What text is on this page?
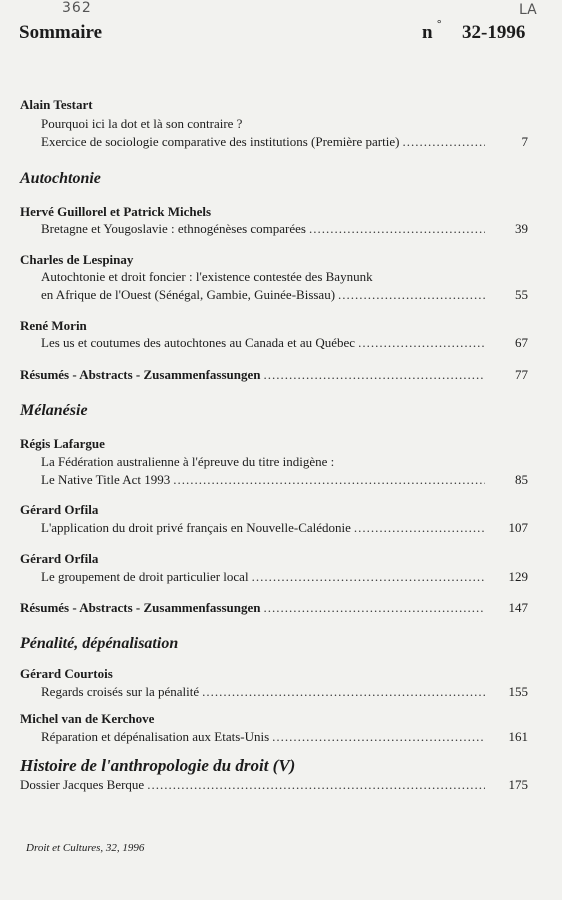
362	LA
Sommaire	n ° 32-1996
Alain Testart
Pourquoi ici la dot et là son contraire ?
Exercice de sociologie comparative des institutions (Première partie) .....	7
Autochtonie
Hervé Guillorel et Patrick Michels
Bretagne et Yougoslavie : ethnogénèses comparées .....	39
Charles de Lespinay
Autochtonie et droit foncier : l'existence contestée des Baynunk
en Afrique de l'Ouest (Sénégal, Gambie, Guinée-Bissau) .....	55
René Morin
Les us et coutumes des autochtones au Canada et au Québec .....	67
Résumés - Abstracts - Zusammenfassungen .....	77
Mélanésie
Régis Lafargue
La Fédération australienne à l'épreuve du titre indigène :
Le Native Title Act 1993 .....	85
Gérard Orfila
L'application du droit privé français en Nouvelle-Calédonie .....	107
Gérard Orfila
Le groupement de droit particulier local .....	129
Résumés - Abstracts - Zusammenfassungen .....	147
Pénalité, dépénalisation
Gérard Courtois
Regards croisés sur la pénalité .....	155
Michel van de Kerchove
Réparation et dépénalisation aux Etats-Unis .....	161
Histoire de l'anthropologie du droit (V)
Dossier Jacques Berque .....	175
Droit et Cultures, 32, 1996
